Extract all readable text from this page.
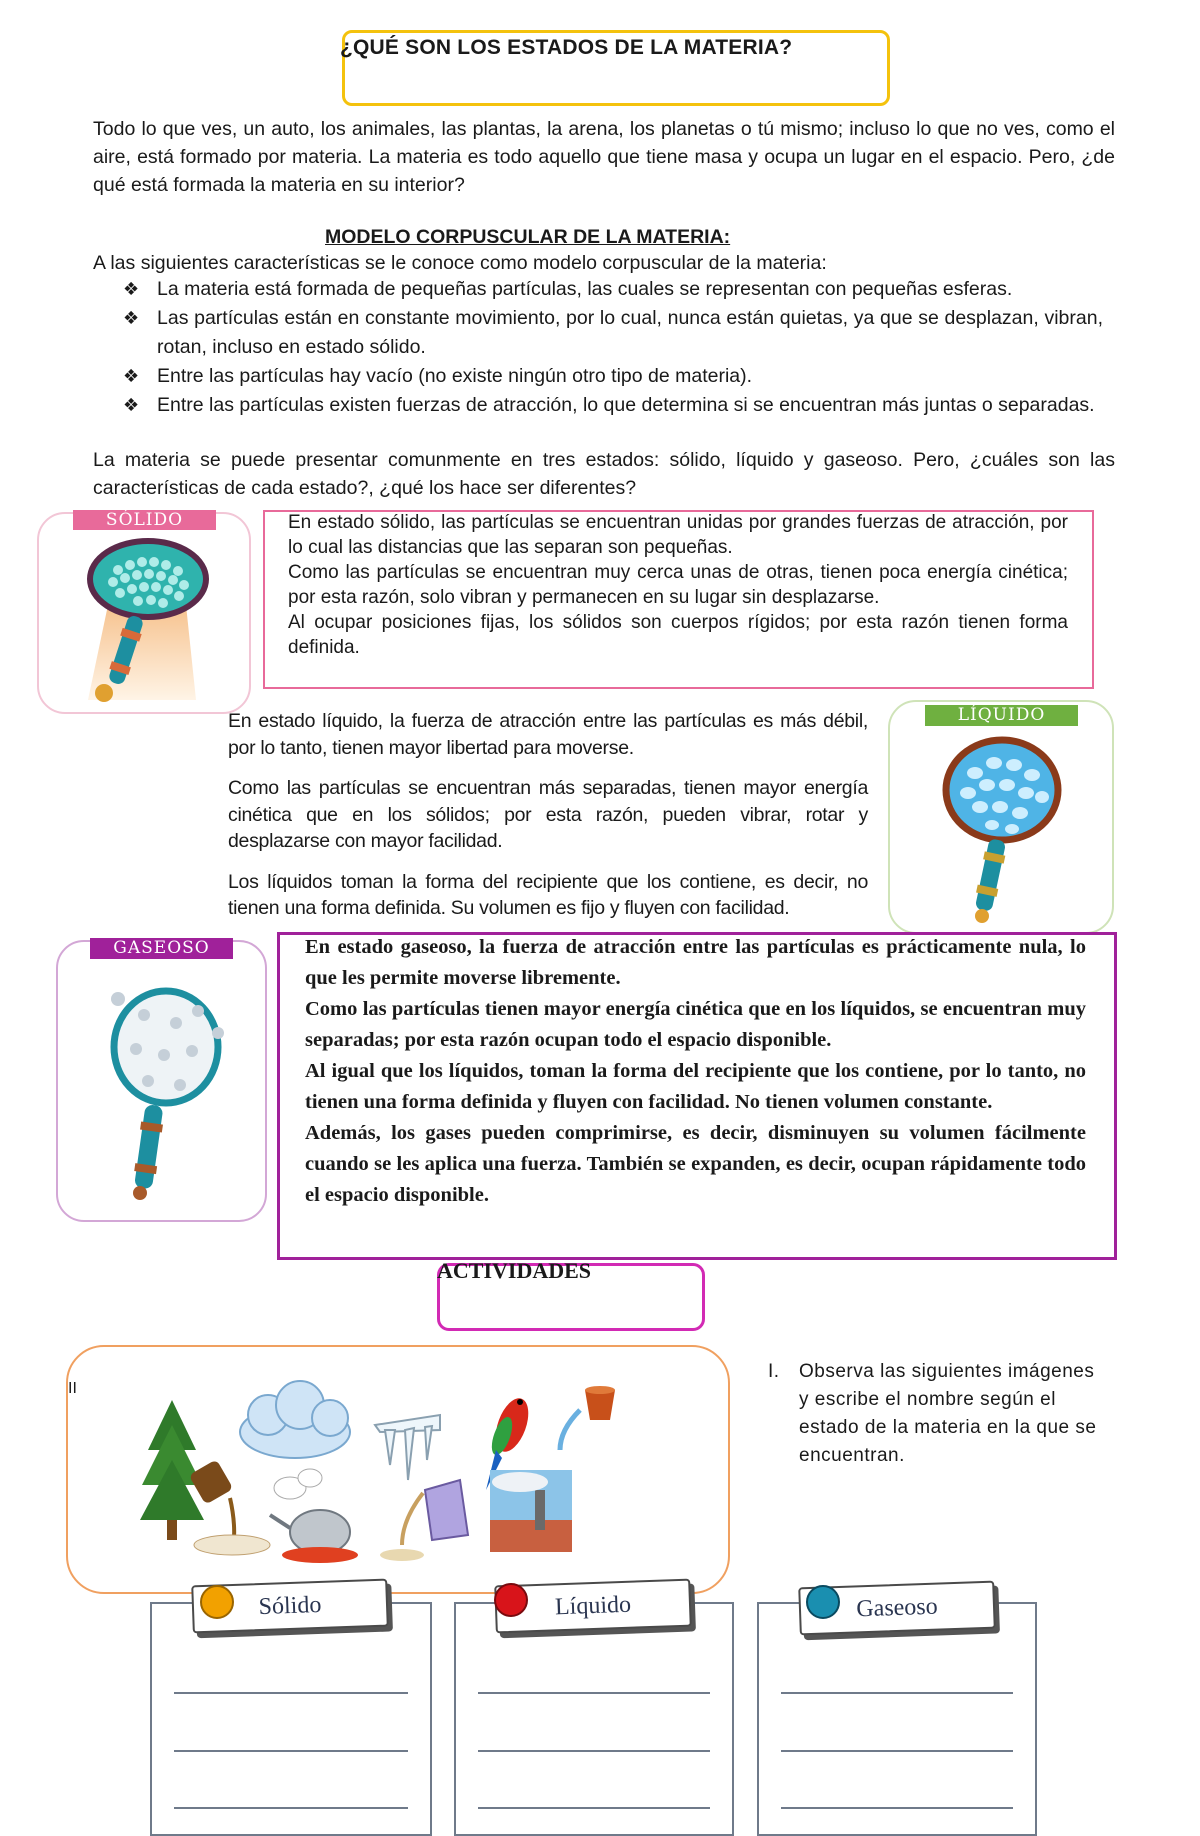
¿QUÉ SON LOS ESTADOS DE LA MATERIA?
Todo lo que ves, un auto, los animales, las plantas, la arena, los planetas o tú mismo; incluso lo que no ves, como el aire, está formado por materia. La materia es todo aquello que tiene masa y ocupa un lugar en el espacio. Pero, ¿de qué está formada la materia en su interior?
MODELO CORPUSCULAR DE LA MATERIA:
A las siguientes características se le conoce como modelo corpuscular de la materia:
❖ La materia está formada de pequeñas partículas, las cuales se representan con pequeñas esferas.
❖ Las partículas están en constante movimiento, por lo cual, nunca están quietas, ya que se desplazan, vibran, rotan, incluso en estado sólido.
❖ Entre las partículas hay vacío (no existe ningún otro tipo de materia).
❖ Entre las partículas existen fuerzas de atracción, lo que determina si se encuentran más juntas o separadas.
La materia se puede presentar comunmente en tres estados: sólido, líquido y gaseoso. Pero, ¿cuáles son las características de cada estado?, ¿qué los hace ser diferentes?
SÓLIDO	En estado sólido, las partículas se encuentran unidas por grandes fuerzas de atracción, por lo cual las distancias que las separan son pequeñas.
Como las partículas se encuentran muy cerca unas de otras, tienen poca energía cinética; por esta razón, solo vibran y permanecen en su lugar sin desplazarse.
Al ocupar posiciones fijas, los sólidos son cuerpos rígidos; por esta razón tienen forma definida.
En estado líquido, la fuerza de atracción entre las partículas es más débil, por lo tanto, tienen mayor libertad para moverse.
Como las partículas se encuentran más separadas, tienen mayor energía cinética que en los sólidos; por esta razón, pueden vibrar, rotar y desplazarse con mayor facilidad.
Los líquidos toman la forma del recipiente que los contiene, es decir, no tienen una forma definida. Su volumen es fijo y fluyen con facilidad.
LÍQUIDO
GASEOSO	En estado gaseoso, la fuerza de atracción entre las partículas es prácticamente nula, lo que les permite moverse libremente.
Como las partículas tienen mayor energía cinética que en los líquidos, se encuentran muy separadas; por esta razón ocupan todo el espacio disponible.
Al igual que los líquidos, toman la forma del recipiente que los contiene, por lo tanto, no tienen una forma definida y fluyen con facilidad. No tienen volumen constante.
Además, los gases pueden comprimirse, es decir, disminuyen su volumen fácilmente cuando se les aplica una fuerza. También se expanden, es decir, ocupan rápidamente todo el espacio disponible.
ACTIVIDADES
II
I. Observa las siguientes imágenes y escribe el nombre según el estado de la materia en la que se encuentran.
Sólido	Líquido	Gaseoso
